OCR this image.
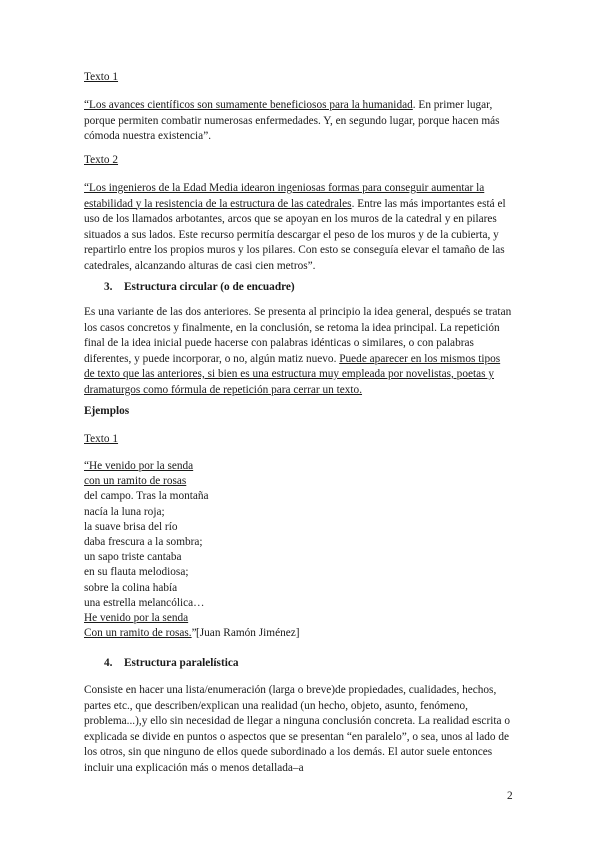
Texto 1

“Los avances científicos son sumamente beneficiosos para la humanidad. En primer lugar, porque permiten combatir numerosas enfermedades. Y, en segundo lugar, porque hacen más cómoda nuestra existencia”.

Texto 2

“Los ingenieros de la Edad Media idearon ingeniosas formas para conseguir aumentar la estabilidad y la resistencia de la estructura de las catedrales. Entre las más importantes está el uso de los llamados arbotantes, arcos que se apoyan en los muros de la catedral y en pilares situados a sus lados. Este recurso permitía descargar el peso de los muros y de la cubierta, y repartirlo entre los propios muros y los pilares. Con esto se conseguía elevar el tamaño de las catedrales, alcanzando alturas de casi cien metros”.

3. Estructura circular (o de encuadre)

Es una variante de las dos anteriores. Se presenta al principio la idea general, después se tratan los casos concretos y finalmente, en la conclusión, se retoma la idea principal. La repetición final de la idea inicial puede hacerse con palabras idénticas o similares, o con palabras diferentes, y puede incorporar, o no, algún matiz nuevo. Puede aparecer en los mismos tipos de texto que las anteriores, si bien es una estructura muy empleada por novelistas, poetas y dramaturgos como fórmula de repetición para cerrar un texto.

Ejemplos

Texto 1

“He venido por la senda
con un ramito de rosas
del campo. Tras la montaña
nacía la luna roja;
la suave brisa del río
daba frescura a la sombra;
un sapo triste cantaba
en su flauta melodiosa;
sobre la colina había
una estrella melancólica…
He venido por la senda
Con un ramito de rosas.” [Juan Ramón Jiménez]

4. Estructura paralelística

Consiste en hacer una lista/enumeración (larga o breve)de propiedades, cualidades, hechos, partes etc., que describen/explican una realidad (un hecho, objeto, asunto, fenómeno, problema...),y ello sin necesidad de llegar a ninguna conclusión concreta. La realidad escrita o explicada se divide en puntos o aspectos que se presentan “en paralelo”, o sea, unos al lado de los otros, sin que ninguno de ellos quede subordinado a los demás. El autor suele entonces incluir una explicación más o menos detallada–a

2
